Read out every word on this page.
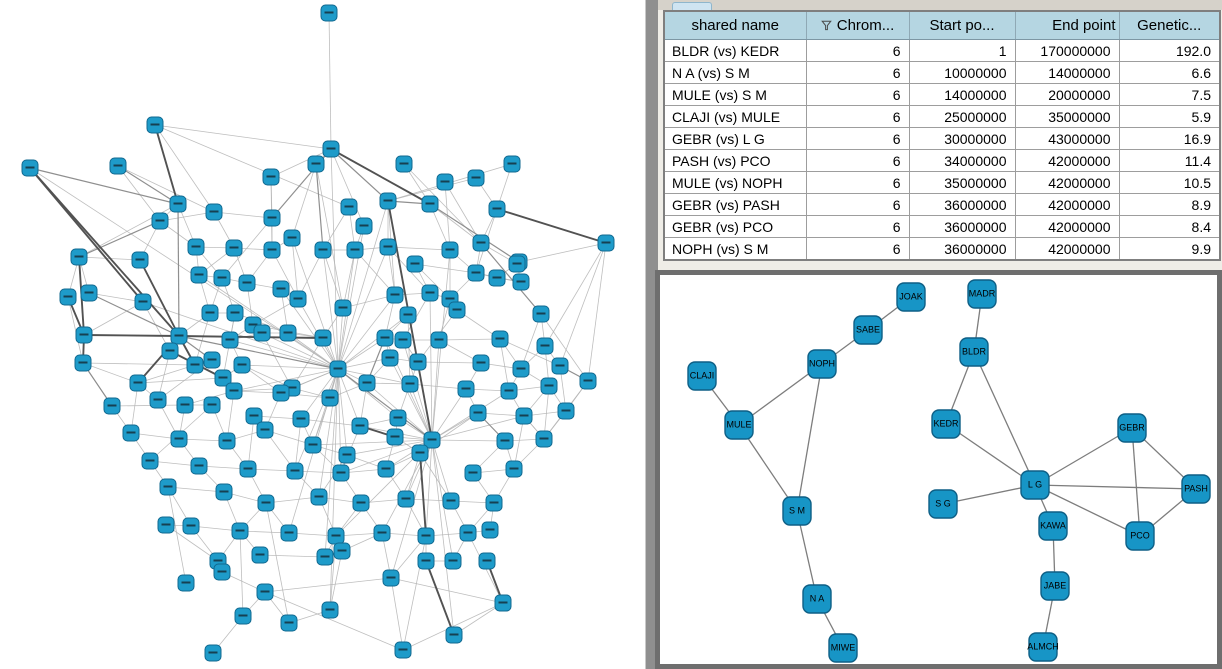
shared name	Chrom...	Start po...	End point	Genetic...
BLDR (vs) KEDR	6	1	170000000	192.0
N A (vs) S M	6	10000000	14000000	6.6
MULE (vs) S M	6	14000000	20000000	7.5
CLAJI (vs) MULE	6	25000000	35000000	5.9
GEBR (vs) L G	6	30000000	43000000	16.9
PASH (vs) PCO	6	34000000	42000000	11.4
MULE (vs) NOPH	6	35000000	42000000	10.5
GEBR (vs) PASH	6	36000000	42000000	8.9
GEBR (vs) PCO	6	36000000	42000000	8.4
NOPH (vs) S M	6	36000000	42000000	9.9
JOAK	MADR
SABE
BLDR
NOPH
CLAJI
MULE	KEDR	GEBR
L G	PASH
S G
S M
KAWA
PCO
N A
JABE
MIWE	ALMCH
